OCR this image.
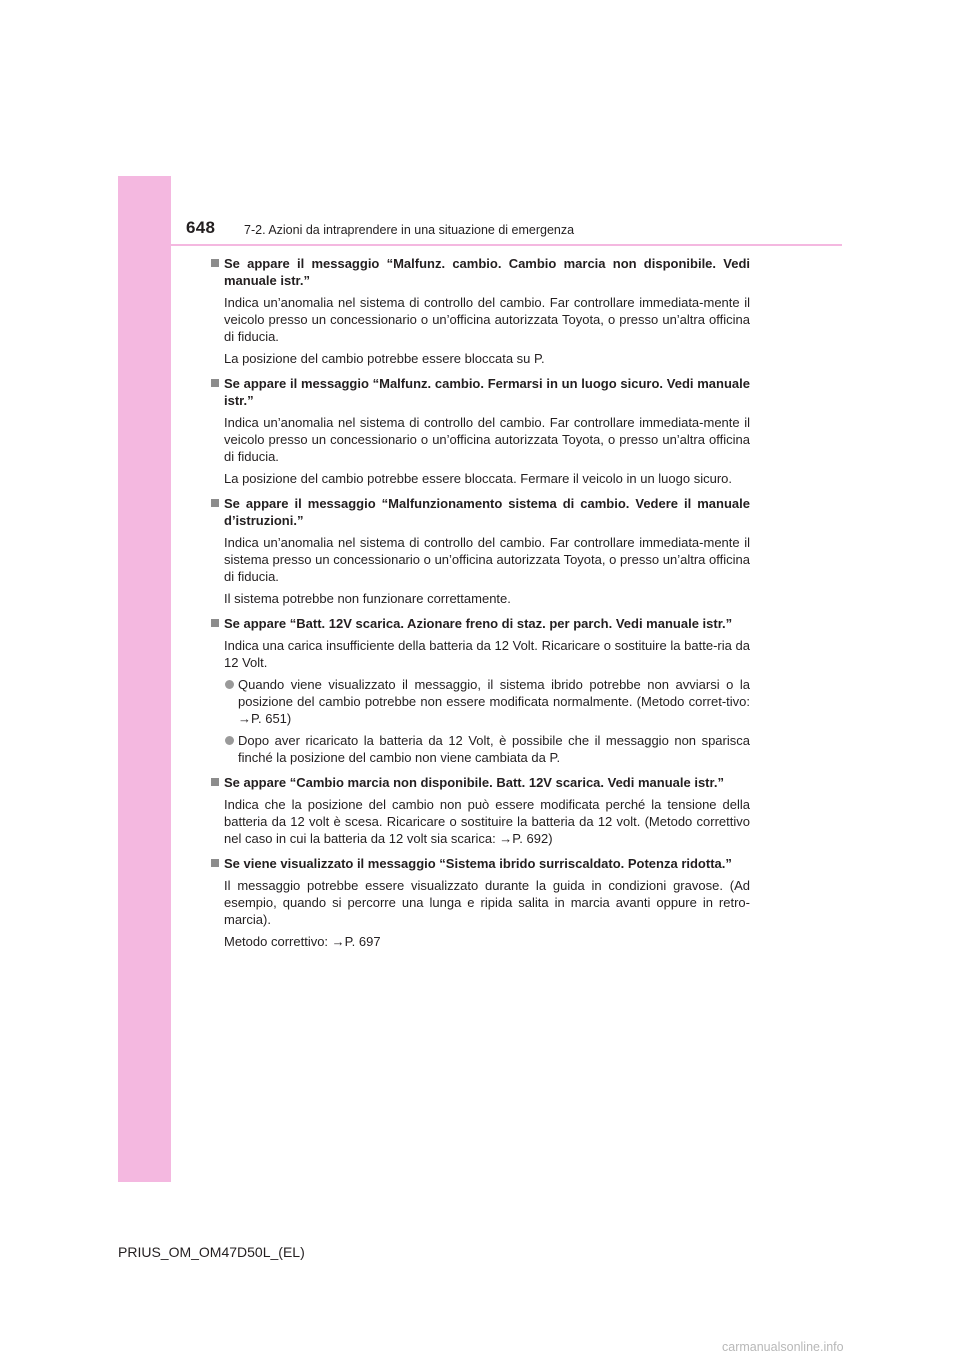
648 7-2. Azioni da intraprendere in una situazione di emergenza
Se appare il messaggio “Malfunz. cambio. Cambio marcia non disponibile. Vedi manuale istr.”
Indica un’anomalia nel sistema di controllo del cambio. Far controllare immediata-mente il veicolo presso un concessionario o un’officina autorizzata Toyota, o presso un’altra officina di fiducia.
La posizione del cambio potrebbe essere bloccata su P.
Se appare il messaggio “Malfunz. cambio. Fermarsi in un luogo sicuro. Vedi manuale istr.”
Indica un’anomalia nel sistema di controllo del cambio. Far controllare immediata-mente il veicolo presso un concessionario o un’officina autorizzata Toyota, o presso un’altra officina di fiducia.
La posizione del cambio potrebbe essere bloccata. Fermare il veicolo in un luogo sicuro.
Se appare il messaggio “Malfunzionamento sistema di cambio. Vedere il manuale d’istruzioni.”
Indica un’anomalia nel sistema di controllo del cambio. Far controllare immediata-mente il sistema presso un concessionario o un’officina autorizzata Toyota, o presso un’altra officina di fiducia.
Il sistema potrebbe non funzionare correttamente.
Se appare “Batt. 12V scarica. Azionare freno di staz. per parch. Vedi manuale istr.”
Indica una carica insufficiente della batteria da 12 Volt. Ricaricare o sostituire la batte-ria da 12 Volt.
Quando viene visualizzato il messaggio, il sistema ibrido potrebbe non avviarsi o la posizione del cambio potrebbe non essere modificata normalmente. (Metodo corret-tivo: →P. 651)
Dopo aver ricaricato la batteria da 12 Volt, è possibile che il messaggio non sparisca finché la posizione del cambio non viene cambiata da P.
Se appare “Cambio marcia non disponibile. Batt. 12V scarica. Vedi manuale istr.”
Indica che la posizione del cambio non può essere modificata perché la tensione della batteria da 12 volt è scesa. Ricaricare o sostituire la batteria da 12 volt. (Metodo correttivo nel caso in cui la batteria da 12 volt sia scarica: →P. 692)
Se viene visualizzato il messaggio “Sistema ibrido surriscaldato. Potenza ridotta.”
Il messaggio potrebbe essere visualizzato durante la guida in condizioni gravose. (Ad esempio, quando si percorre una lunga e ripida salita in marcia avanti oppure in retro-marcia).
Metodo correttivo: →P. 697
PRIUS_OM_OM47D50L_(EL)
carmanualsonline.info
